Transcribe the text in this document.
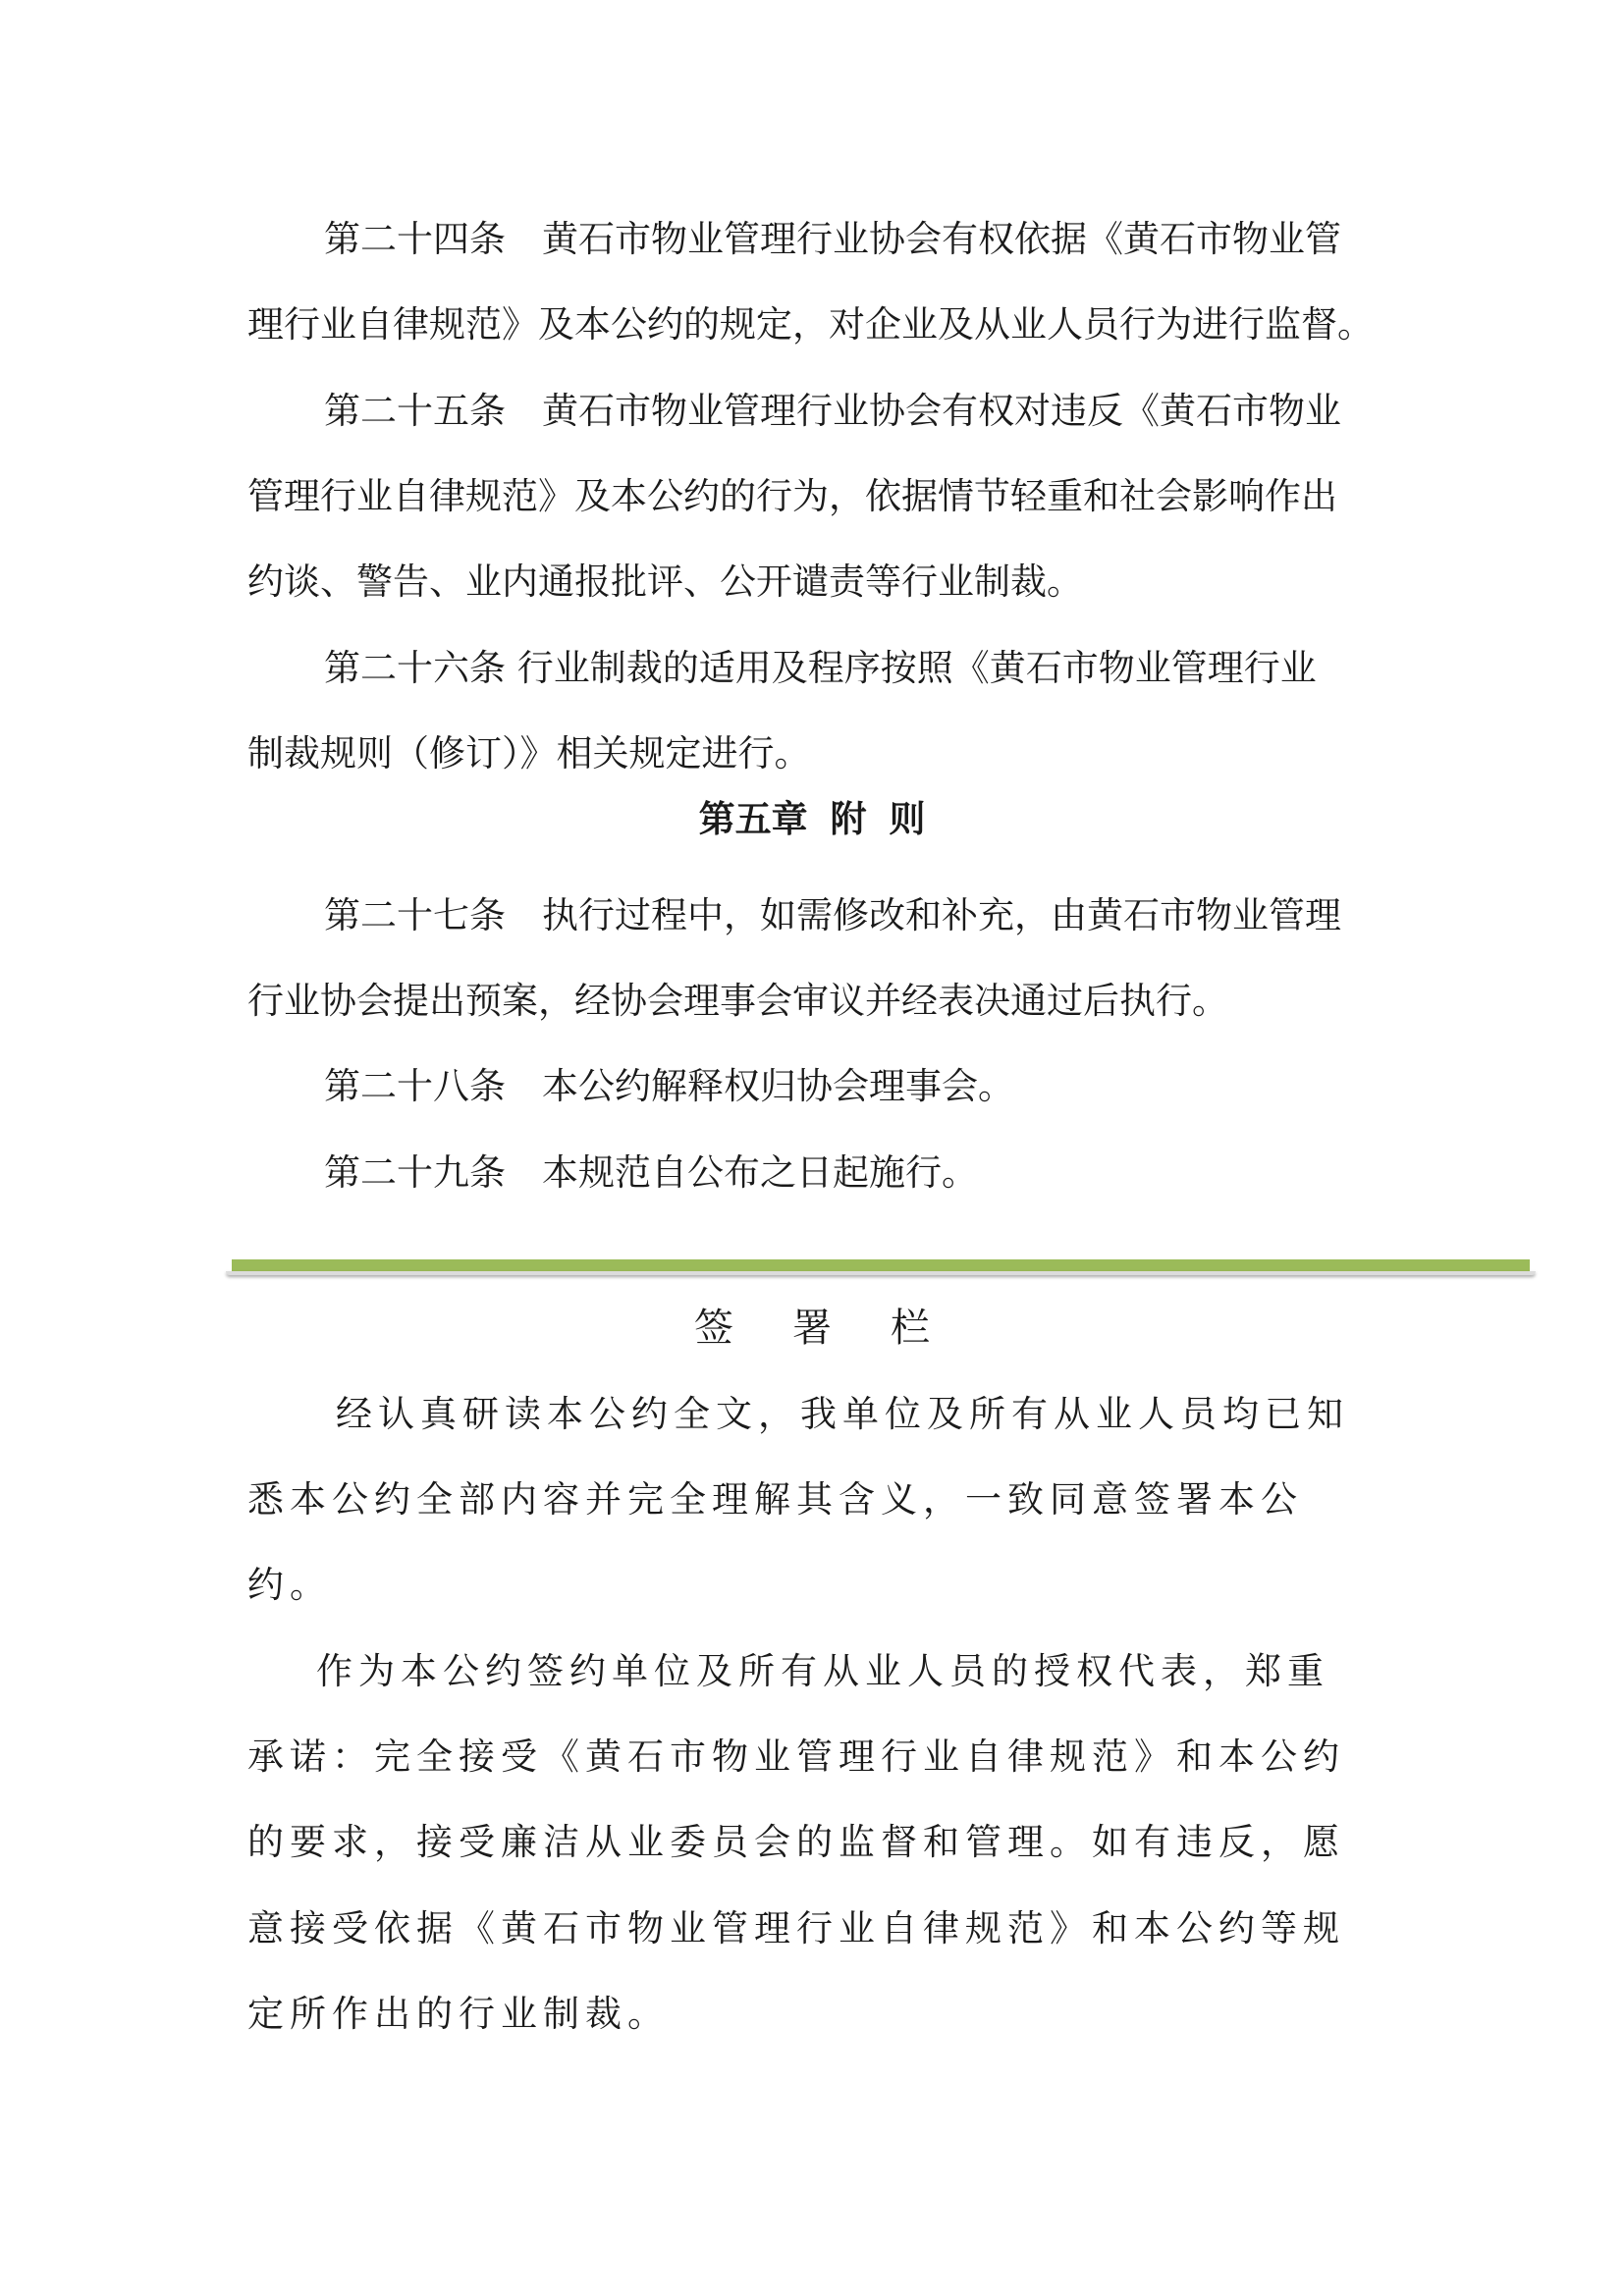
第二十四条　黄石市物业管理行业协会有权依据《黄石市物业管
理行业自律规范》及本公约的规定，对企业及从业人员行为进行监督。
第二十五条　黄石市物业管理行业协会有权对违反《黄石市物业
管理行业自律规范》及本公约的行为，依据情节轻重和社会影响作出
约谈、警告、业内通报批评、公开谴责等行业制裁。
第二十六条 行业制裁的适用及程序按照《黄石市物业管理行业
制裁规则（修订）》相关规定进行。
第五章 附 则
第二十七条　执行过程中，如需修改和补充，由黄石市物业管理
行业协会提出预案，经协会理事会审议并经表决通过后执行。
第二十八条　本公约解释权归协会理事会。
第二十九条　本规范自公布之日起施行。
签署栏
经认真研读本公约全文，我单位及所有从业人员均已知
悉本公约全部内容并完全理解其含义，一致同意签署本公
约。
作为本公约签约单位及所有从业人员的授权代表，郑重
承诺：完全接受《黄石市物业管理行业自律规范》和本公约
的要求，接受廉洁从业委员会的监督和管理。如有违反，愿
意接受依据《黄石市物业管理行业自律规范》和本公约等规
定所作出的行业制裁。
